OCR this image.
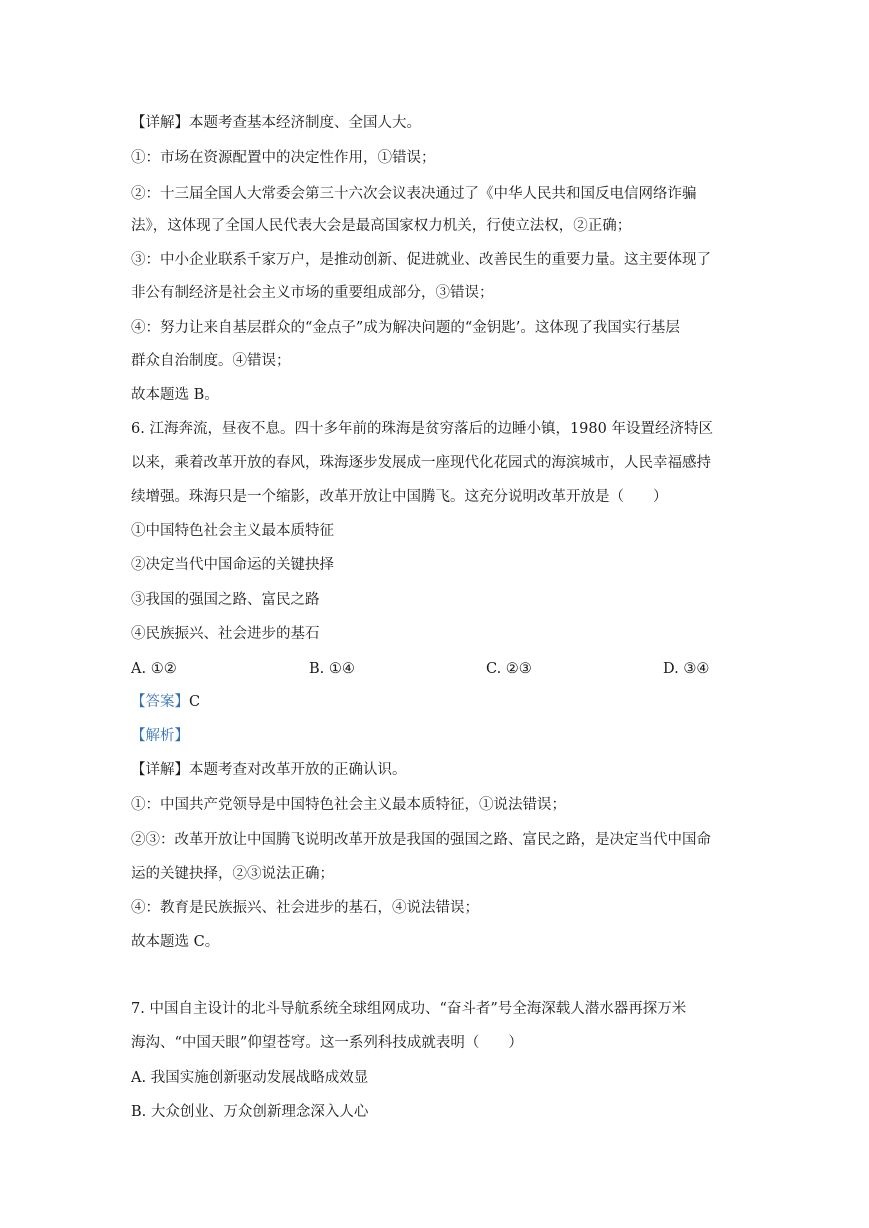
【详解】本题考查基本经济制度、全国人大。
①：市场在资源配置中的决定性作用，①错误；
②：十三届全国人大常委会第三十六次会议表决通过了《中华人民共和国反电信网络诈骗
法》，这体现了全国人民代表大会是最高国家权力机关，行使立法权，②正确；
③：中小企业联系千家万户，是推动创新、促进就业、改善民生的重要力量。这主要体现了
非公有制经济是社会主义市场的重要组成部分，③错误；
④：努力让来自基层群众的“金点子”成为解决问题的“金钥匙’。这体现了我国实行基层
群众自治制度。④错误；
故本题选 B。
6. 江海奔流，昼夜不息。四十多年前的珠海是贫穷落后的边睡小镇，1980 年设置经济特区
以来，乘着改革开放的春风，珠海逐步发展成一座现代化花园式的海滨城市，人民幸福感持
续增强。珠海只是一个缩影，改革开放让中国腾飞。这充分说明改革开放是（　　）
①中国特色社会主义最本质特征
②决定当代中国命运的关键抉择
③我国的强国之路、富民之路
④民族振兴、社会进步的基石
A. ①②	B. ①④	C. ②③	D. ③④
【答案】C
【解析】
【详解】本题考查对改革开放的正确认识。
①：中国共产党领导是中国特色社会主义最本质特征，①说法错误；
②③：改革开放让中国腾飞说明改革开放是我国的强国之路、富民之路，是决定当代中国命
运的关键抉择，②③说法正确；
④：教育是民族振兴、社会进步的基石，④说法错误；
故本题选 C。
7. 中国自主设计的北斗导航系统全球组网成功、“奋斗者”号全海深载人潜水器再探万米
海沟、“中国天眼”仰望苍穹。这一系列科技成就表明（　　）
A. 我国实施创新驱动发展战略成效显
B. 大众创业、万众创新理念深入人心
